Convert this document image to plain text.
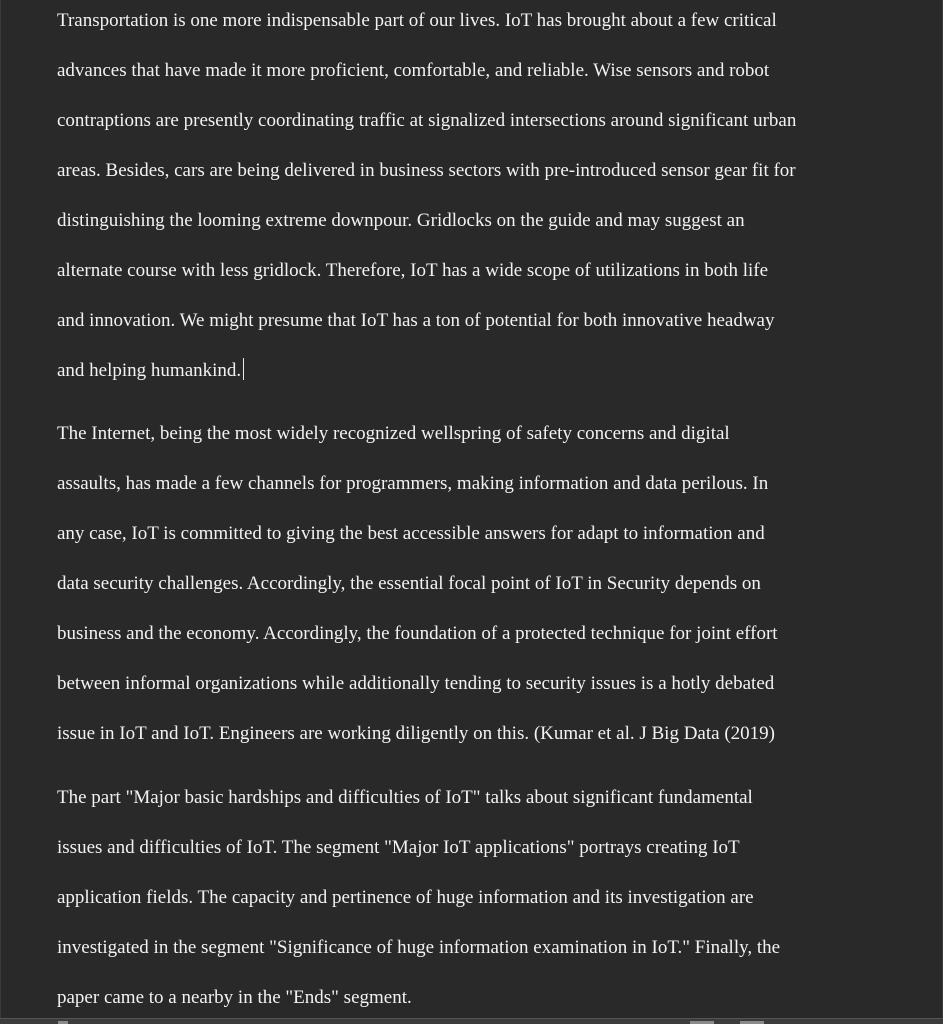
Transportation is one more indispensable part of our lives. IoT has brought about a few critical
advances that have made it more proficient, comfortable, and reliable. Wise sensors and robot
contraptions are presently coordinating traffic at signalized intersections around significant urban
areas. Besides, cars are being delivered in business sectors with pre-introduced sensor gear fit for
distinguishing the looming extreme downpour. Gridlocks on the guide and may suggest an
alternate course with less gridlock. Therefore, IoT has a wide scope of utilizations in both life
and innovation. We might presume that IoT has a ton of potential for both innovative headway
and helping humankind.
The Internet, being the most widely recognized wellspring of safety concerns and digital
assaults, has made a few channels for programmers, making information and data perilous. In
any case, IoT is committed to giving the best accessible answers for adapt to information and
data security challenges. Accordingly, the essential focal point of IoT in Security depends on
business and the economy. Accordingly, the foundation of a protected technique for joint effort
between informal organizations while additionally tending to security issues is a hotly debated
issue in IoT and IoT. Engineers are working diligently on this. (Kumar et al. J Big Data (2019)
The part "Major basic hardships and difficulties of IoT" talks about significant fundamental
issues and difficulties of IoT. The segment "Major IoT applications" portrays creating IoT
application fields. The capacity and pertinence of huge information and its investigation are
investigated in the segment "Significance of huge information examination in IoT." Finally, the
paper came to a nearby in the "Ends" segment.
